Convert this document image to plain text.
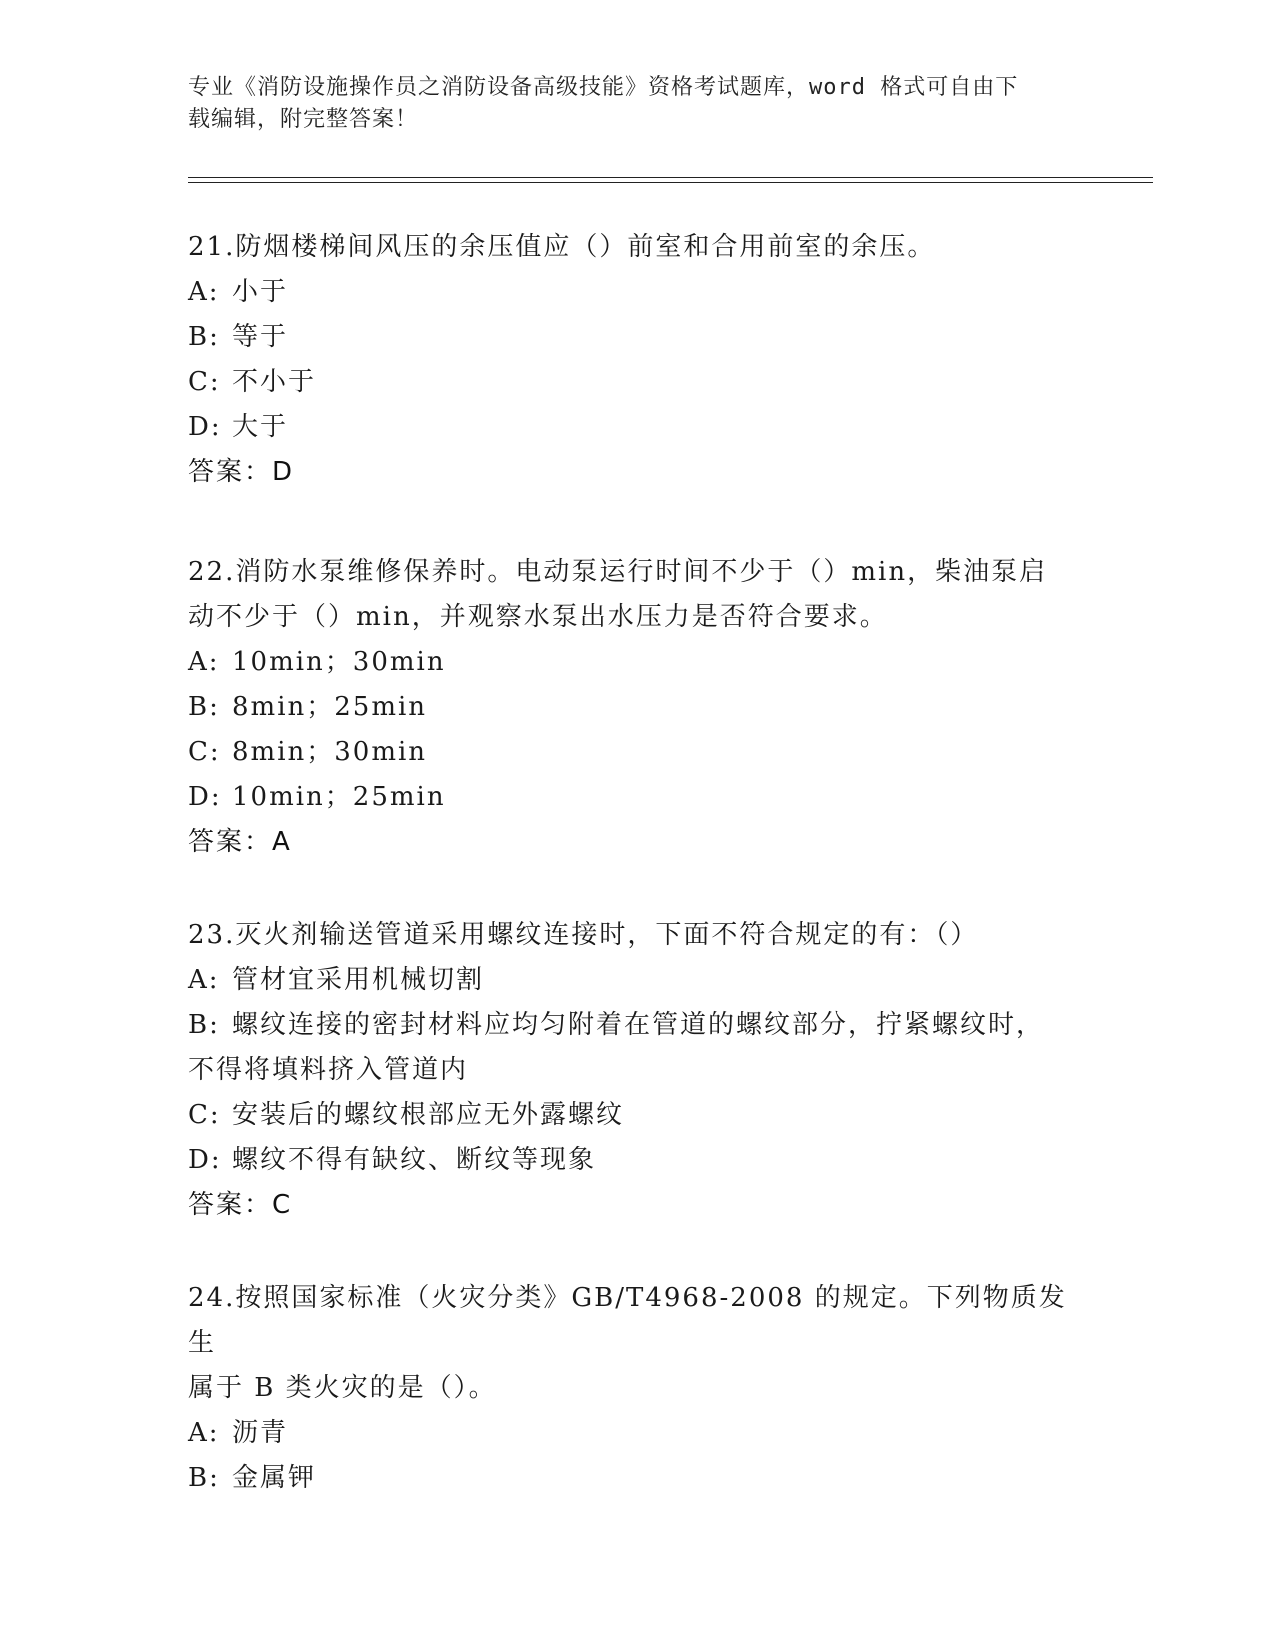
专业《消防设施操作员之消防设备高级技能》资格考试题库，word 格式可自由下
载编辑，附完整答案！
21.防烟楼梯间风压的余压值应（）前室和合用前室的余压。
A: 小于
B: 等于
C: 不小于
D: 大于
答案：D
22.消防水泵维修保养时。电动泵运行时间不少于（）min，柴油泵启
动不少于（）min，并观察水泵出水压力是否符合要求。
A: 10min；30min
B: 8min；25min
C: 8min；30min
D: 10min；25min
答案：A
23.灭火剂输送管道采用螺纹连接时，下面不符合规定的有：（）
A: 管材宜采用机械切割
B: 螺纹连接的密封材料应均匀附着在管道的螺纹部分，拧紧螺纹时，
不得将填料挤入管道内
C: 安装后的螺纹根部应无外露螺纹
D: 螺纹不得有缺纹、断纹等现象
答案：C
24.按照国家标准（火灾分类》GB/T4968-2008 的规定。下列物质发生
属于 B 类火灾的是（）。
A: 沥青
B: 金属钾
